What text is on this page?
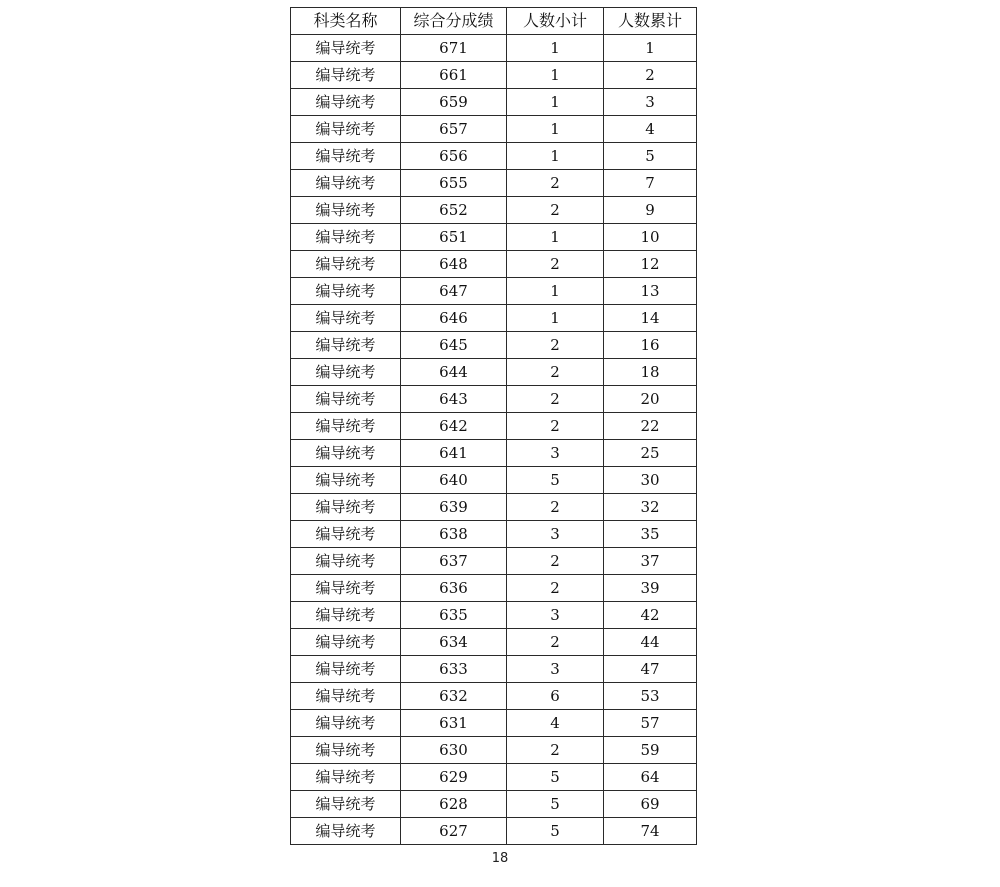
科类名称	综合分成绩	人数小计	人数累计
编导统考	671	1	1
编导统考	661	1	2
编导统考	659	1	3
编导统考	657	1	4
编导统考	656	1	5
编导统考	655	2	7
编导统考	652	2	9
编导统考	651	1	10
编导统考	648	2	12
编导统考	647	1	13
编导统考	646	1	14
编导统考	645	2	16
编导统考	644	2	18
编导统考	643	2	20
编导统考	642	2	22
编导统考	641	3	25
编导统考	640	5	30
编导统考	639	2	32
编导统考	638	3	35
编导统考	637	2	37
编导统考	636	2	39
编导统考	635	3	42
编导统考	634	2	44
编导统考	633	3	47
编导统考	632	6	53
编导统考	631	4	57
编导统考	630	2	59
编导统考	629	5	64
编导统考	628	5	69
编导统考	627	5	74
18
